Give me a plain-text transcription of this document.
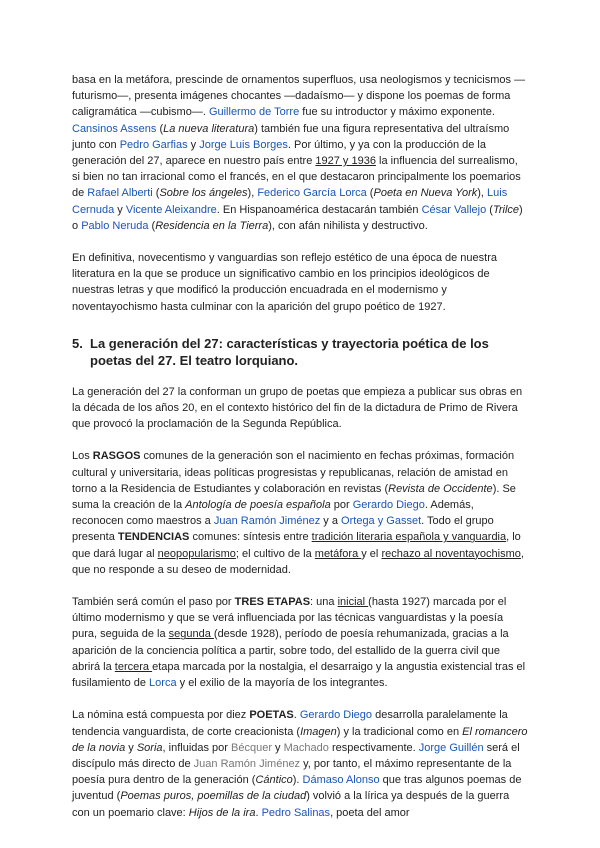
basa en la metáfora, prescinde de ornamentos superfluos, usa neologismos y tecnicismos —futurismo—, presenta imágenes chocantes —dadaísmo— y dispone los poemas de forma caligramática —cubismo—. Guillermo de Torre fue su introductor y máximo exponente. Cansinos Assens (La nueva literatura) también fue una figura representativa del ultraísmo junto con Pedro Garfias y Jorge Luis Borges. Por último, y ya con la producción de la generación del 27, aparece en nuestro país entre 1927 y 1936 la influencia del surrealismo, si bien no tan irracional como el francés, en el que destacaron principalmente los poemarios de Rafael Alberti (Sobre los ángeles), Federico García Lorca (Poeta en Nueva York), Luis Cernuda y Vicente Aleixandre. En Hispanoamérica destacarán también César Vallejo (Trilce) o Pablo Neruda (Residencia en la Tierra), con afán nihilista y destructivo.

En definitiva, novecentismo y vanguardias son reflejo estético de una época de nuestra literatura en la que se produce un significativo cambio en los principios ideológicos de nuestras letras y que modificó la producción encuadrada en el modernismo y noventayochismo hasta culminar con la aparición del grupo poético de 1927.

5. La generación del 27: características y trayectoria poética de los poetas del 27. El teatro lorquiano.

La generación del 27 la conforman un grupo de poetas que empieza a publicar sus obras en la década de los años 20, en el contexto histórico del fin de la dictadura de Primo de Rivera que provocó la proclamación de la Segunda República.

Los RASGOS comunes de la generación son el nacimiento en fechas próximas, formación cultural y universitaria, ideas políticas progresistas y republicanas, relación de amistad en torno a la Residencia de Estudiantes y colaboración en revistas (Revista de Occidente). Se suma la creación de la Antología de poesía española por Gerardo Diego. Además, reconocen como maestros a Juan Ramón Jiménez y a Ortega y Gasset. Todo el grupo presenta TENDENCIAS comunes: síntesis entre tradición literaria española y vanguardia, lo que dará lugar al neopopularismo; el cultivo de la metáfora y el rechazo al noventayochismo, que no responde a su deseo de modernidad.

También será común el paso por TRES ETAPAS: una inicial (hasta 1927) marcada por el último modernismo y que se verá influenciada por las técnicas vanguardistas y la poesía pura, seguida de la segunda (desde 1928), período de poesía rehumanizada, gracias a la aparición de la conciencia política a partir, sobre todo, del estallido de la guerra civil que abrirá la tercera etapa marcada por la nostalgia, el desarraigo y la angustia existencial tras el fusilamiento de Lorca y el exilio de la mayoría de los integrantes.

La nómina está compuesta por diez POETAS. Gerardo Diego desarrolla paralelamente la tendencia vanguardista, de corte creacionista (Imagen) y la tradicional como en El romancero de la novia y Soria, influidas por Bécquer y Machado respectivamente. Jorge Guillén será el discípulo más directo de Juan Ramón Jiménez y, por tanto, el máximo representante de la poesía pura dentro de la generación (Cántico). Dámaso Alonso que tras algunos poemas de juventud (Poemas puros, poemillas de la ciudad) volvió a la lírica ya después de la guerra con un poemario clave: Hijos de la ira. Pedro Salinas, poeta del amor
